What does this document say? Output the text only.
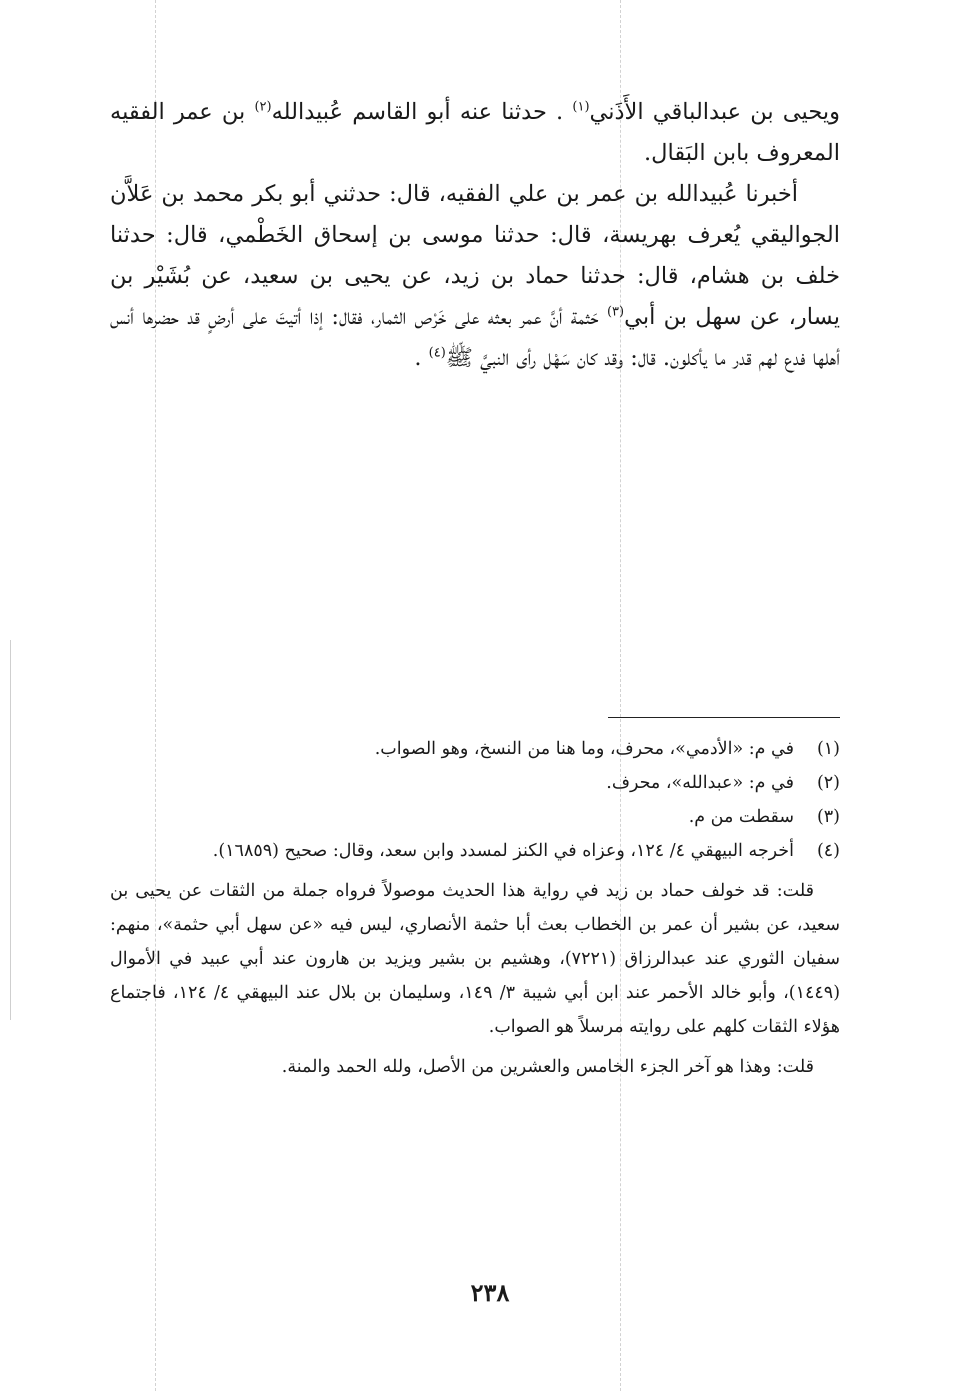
ويحيى بن عبدالباقي الأَذَني$^{(١)}$ . حدثنا عنه أبو القاسم عُبيدالله$^{(٢)}$ بن عمر الفقيه المعروف بابن البَقال.

أخبرنا عُبيدالله بن عمر بن علي الفقيه، قال: حدثني أبو بكر محمد بن عَلاَّن الجواليقي يُعرف بهريسة، قال: حدثنا موسى بن إسحاق الخَطْمي، قال: حدثنا خلف بن هشام، قال: حدثنا حماد بن زيد، عن يحيى بن سعيد، عن بُشَيْر بن يسار، عن سهل بن أبي$^{(٣)}$ حَثمة أنَّ عمر بعثه على خَرْص الثمار، فقال: إذا أتيتَ على أرضٍ قد حضرها أنس أهلها فدع لهم قدر ما يأكلون. قال: وقد كان سَهْل رأى النبيَّ ﷺ$^{(٤)}$ .

(١)
في م: «الأدمي»، محرف، وما هنا من النسخ، وهو الصواب.
(٢)
في م: «عبدالله»، محرف.
(٣)
سقطت من م.
(٤)
أخرجه البيهقي ٤/ ١٢٤، وعزاه في الكنز لمسدد وابن سعد، وقال: صحيح (١٦٨٥٩).

قلت: قد خولف حماد بن زيد في رواية هذا الحديث موصولاً فرواه جملة من الثقات عن يحيى بن سعيد، عن بشير أن عمر بن الخطاب بعث أبا حثمة الأنصاري، ليس فيه «عن سهل أبي حثمة»، منهم: سفيان الثوري عند عبدالرزاق (٧٢٢١)، وهشيم بن بشير ويزيد بن هارون عند أبي عبيد في الأموال (١٤٤٩)، وأبو خالد الأحمر عند ابن أبي شيبة ٣/ ١٤٩، وسليمان بن بلال عند البيهقي ٤/ ١٢٤، فاجتماع هؤلاء الثقات كلهم على روايته مرسلاً هو الصواب.

قلت: وهذا هو آخر الجزء الخامس والعشرين من الأصل، ولله الحمد والمنة.

٢٣٨
